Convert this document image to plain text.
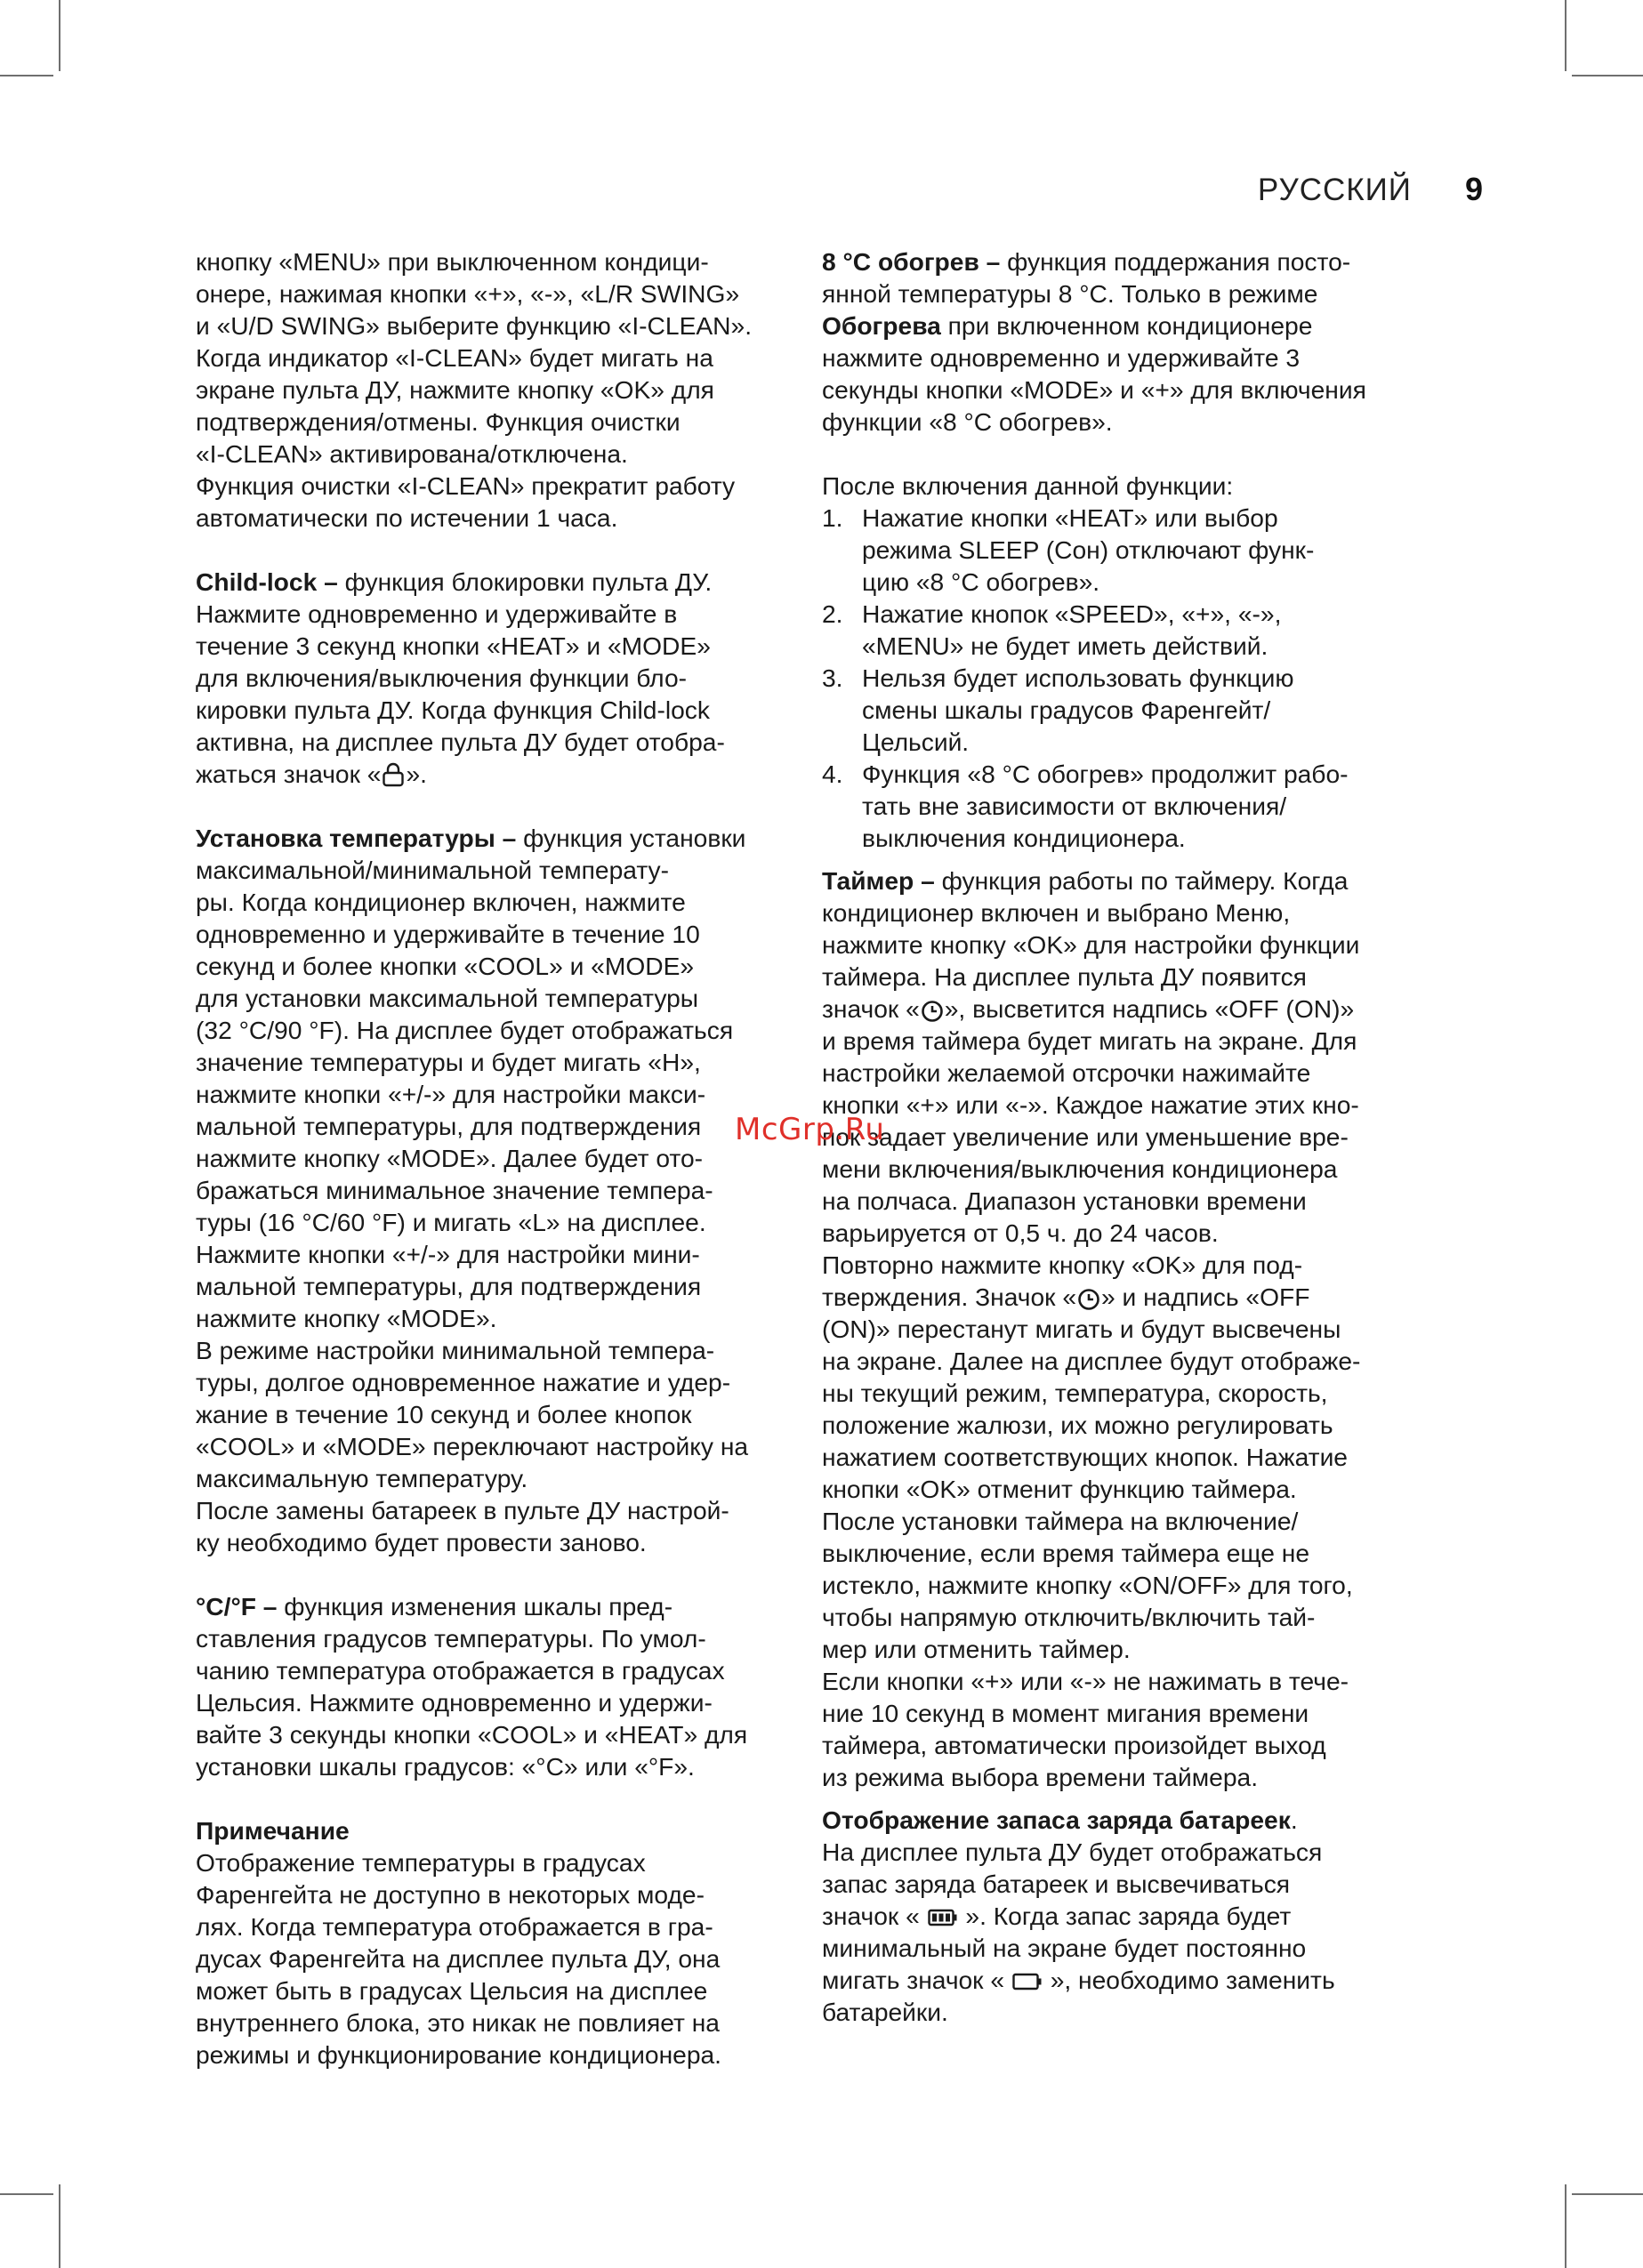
РУССКИЙ 9
кнопку «MENU» при выключенном кондици-
онере, нажимая кнопки «+», «-», «L/R SWING»
и «U/D SWING» выберите функцию «I-CLEAN».
Когда индикатор «I-CLEAN» будет мигать на
экране пульта ДУ, нажмите кнопку «OK» для
подтверждения/отмены. Функция очистки
«I-CLEAN» активирована/отключена.
Функция очистки «I-CLEAN» прекратит работу
автоматически по истечении 1 часа.
Child-lock – функция блокировки пульта ДУ.
Нажмите одновременно и удерживайте в
течение 3 секунд кнопки «HEAT» и «MODE»
для включения/выключения функции бло-
кировки пульта ДУ. Когда функция Child-lock
активна, на дисплее пульта ДУ будет отобра-
жаться значок « ».
Установка температуры – функция установки
максимальной/минимальной температу-
ры. Когда кондиционер включен, нажмите
одновременно и удерживайте в течение 10
секунд и более кнопки «COOL» и «MODE»
для установки максимальной температуры
(32 °C/90 °F). На дисплее будет отображаться
значение температуры и будет мигать «H»,
нажмите кнопки «+/-» для настройки макси-
мальной температуры, для подтверждения
нажмите кнопку «MODE». Далее будет ото-
бражаться минимальное значение темпера-
туры (16 °C/60 °F) и мигать «L» на дисплее.
Нажмите кнопки «+/-» для настройки мини-
мальной температуры, для подтверждения
нажмите кнопку «MODE».
В режиме настройки минимальной темпера-
туры, долгое одновременное нажатие и удер-
жание в течение 10 секунд и более кнопок
«COOL» и «MODE» переключают настройку на
максимальную температуру.
После замены батареек в пульте ДУ настрой-
ку необходимо будет провести заново.
°C/°F – функция изменения шкалы пред-
ставления градусов температуры. По умол-
чанию температура отображается в градусах
Цельсия. Нажмите одновременно и удержи-
вайте 3 секунды кнопки «COOL» и «HEAT» для
установки шкалы градусов: «°C» или «°F».
Примечание
Отображение температуры в градусах
Фаренгейта не доступно в некоторых моде-
лях. Когда температура отображается в гра-
дусах Фаренгейта на дисплее пульта ДУ, она
может быть в градусах Цельсия на дисплее
внутреннего блока, это никак не повлияет на
режимы и функционирование кондиционера.
8 °C обогрев – функция поддержания посто-
янной температуры 8 °C. Только в режиме
Обогрева при включенном кондиционере
нажмите одновременно и удерживайте 3
секунды кнопки «MODE» и «+» для включения
функции «8 °C обогрев».
После включения данной функции:
1. Нажатие кнопки «HEAT» или выбор
режима SLEEP (Сон) отключают функ-
цию «8 °C обогрев».
2. Нажатие кнопок «SPEED», «+», «-»,
«MENU» не будет иметь действий.
3. Нельзя будет использовать функцию
смены шкалы градусов Фаренгейт/
Цельсий.
4. Функция «8 °C обогрев» продолжит рабо-
тать вне зависимости от включения/
выключения кондиционера.
Таймер – функция работы по таймеру. Когда
кондиционер включен и выбрано Меню,
нажмите кнопку «OK» для настройки функции
таймера. На дисплее пульта ДУ появится
значок « », высветится надпись «OFF (ON)»
и время таймера будет мигать на экране. Для
настройки желаемой отсрочки нажимайте
кнопки «+» или «-». Каждое нажатие этих кно-
пок задает увеличение или уменьшение вре-
мени включения/выключения кондиционера
на полчаса. Диапазон установки времени
варьируется от 0,5 ч. до 24 часов.
Повторно нажмите кнопку «OK» для под-
тверждения. Значок « » и надпись «OFF
(ON)» перестанут мигать и будут высвечены
на экране. Далее на дисплее будут отображе-
ны текущий режим, температура, скорость,
положение жалюзи, их можно регулировать
нажатием соответствующих кнопок. Нажатие
кнопки «OK» отменит функцию таймера.
После установки таймера на включение/
выключение, если время таймера еще не
истекло, нажмите кнопку «ON/OFF» для того,
чтобы напрямую отключить/включить тай-
мер или отменить таймер.
Если кнопки «+» или «-» не нажимать в тече-
ние 10 секунд в момент мигания времени
таймера, автоматически произойдет выход
из режима выбора времени таймера.
Отображение запаса заряда батареек.
На дисплее пульта ДУ будет отображаться
запас заряда батареек и высвечиваться
значок «  ». Когда запас заряда будет
минимальный на экране будет постоянно
мигать значок «  », необходимо заменить
батарейки.
McGrp.Ru
